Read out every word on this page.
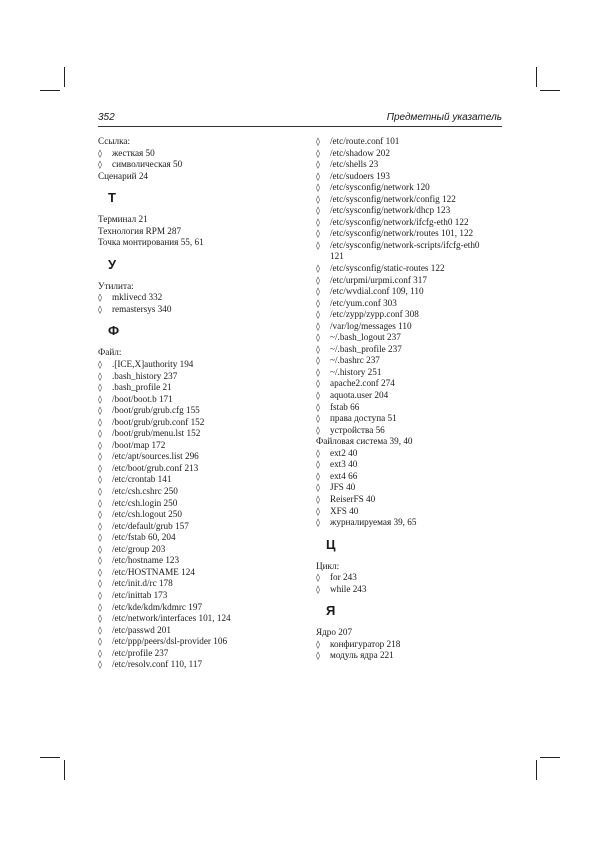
352	Предметный указатель
Ссылка:
◊ жесткая 50
◊ символическая 50
Сценарий 24
Т
Терминал 21
Технология RPM 287
Точка монтирования 55, 61
У
Утилита:
◊ mklivecd 332
◊ remastersys 340
Ф
Файл:
◊ .[ICE,X]authority 194
◊ .bash_history 237
◊ .bash_profile 21
◊ /boot/boot.b 171
◊ /boot/grub/grub.cfg 155
◊ /boot/grub/grub.conf 152
◊ /boot/grub/menu.lst 152
◊ /boot/map 172
◊ /etc/apt/sources.list 296
◊ /etc/boot/grub.conf 213
◊ /etc/crontab 141
◊ /etc/csh.cshrc 250
◊ /etc/csh.login 250
◊ /etc/csh.logout 250
◊ /etc/default/grub 157
◊ /etc/fstab 60, 204
◊ /etc/group 203
◊ /etc/hostname 123
◊ /etc/HOSTNAME 124
◊ /etc/init.d/rc 178
◊ /etc/inittab 173
◊ /etc/kde/kdm/kdmrc 197
◊ /etc/network/interfaces 101, 124
◊ /etc/passwd 201
◊ /etc/ppp/peers/dsl-provider 106
◊ /etc/profile 237
◊ /etc/resolv.conf 110, 117
◊ /etc/route.conf 101
◊ /etc/shadow 202
◊ /etc/shells 23
◊ /etc/sudoers 193
◊ /etc/sysconfig/network 120
◊ /etc/sysconfig/network/config 122
◊ /etc/sysconfig/network/dhcp 123
◊ /etc/sysconfig/network/ifcfg-eth0 122
◊ /etc/sysconfig/network/routes 101, 122
◊ /etc/sysconfig/network-scripts/ifcfg-eth0
121
◊ /etc/sysconfig/static-routes 122
◊ /etc/urpmi/urpmi.conf 317
◊ /etc/wvdial.conf 109, 110
◊ /etc/yum.conf 303
◊ /etc/zypp/zypp.conf 308
◊ /var/log/messages 110
◊ ~/.bash_logout 237
◊ ~/.bash_profile 237
◊ ~/.bashrc 237
◊ ~/.history 251
◊ apache2.conf 274
◊ aquota.user 204
◊ fstab 66
◊ права доступа 51
◊ устройства 56
Файловая система 39, 40
◊ ext2 40
◊ ext3 40
◊ ext4 66
◊ JFS 40
◊ ReiserFS 40
◊ XFS 40
◊ журналируемая 39, 65
Ц
Цикл:
◊ for 243
◊ while 243
Я
Ядро 207
◊ конфигуратор 218
◊ модуль ядра 221
